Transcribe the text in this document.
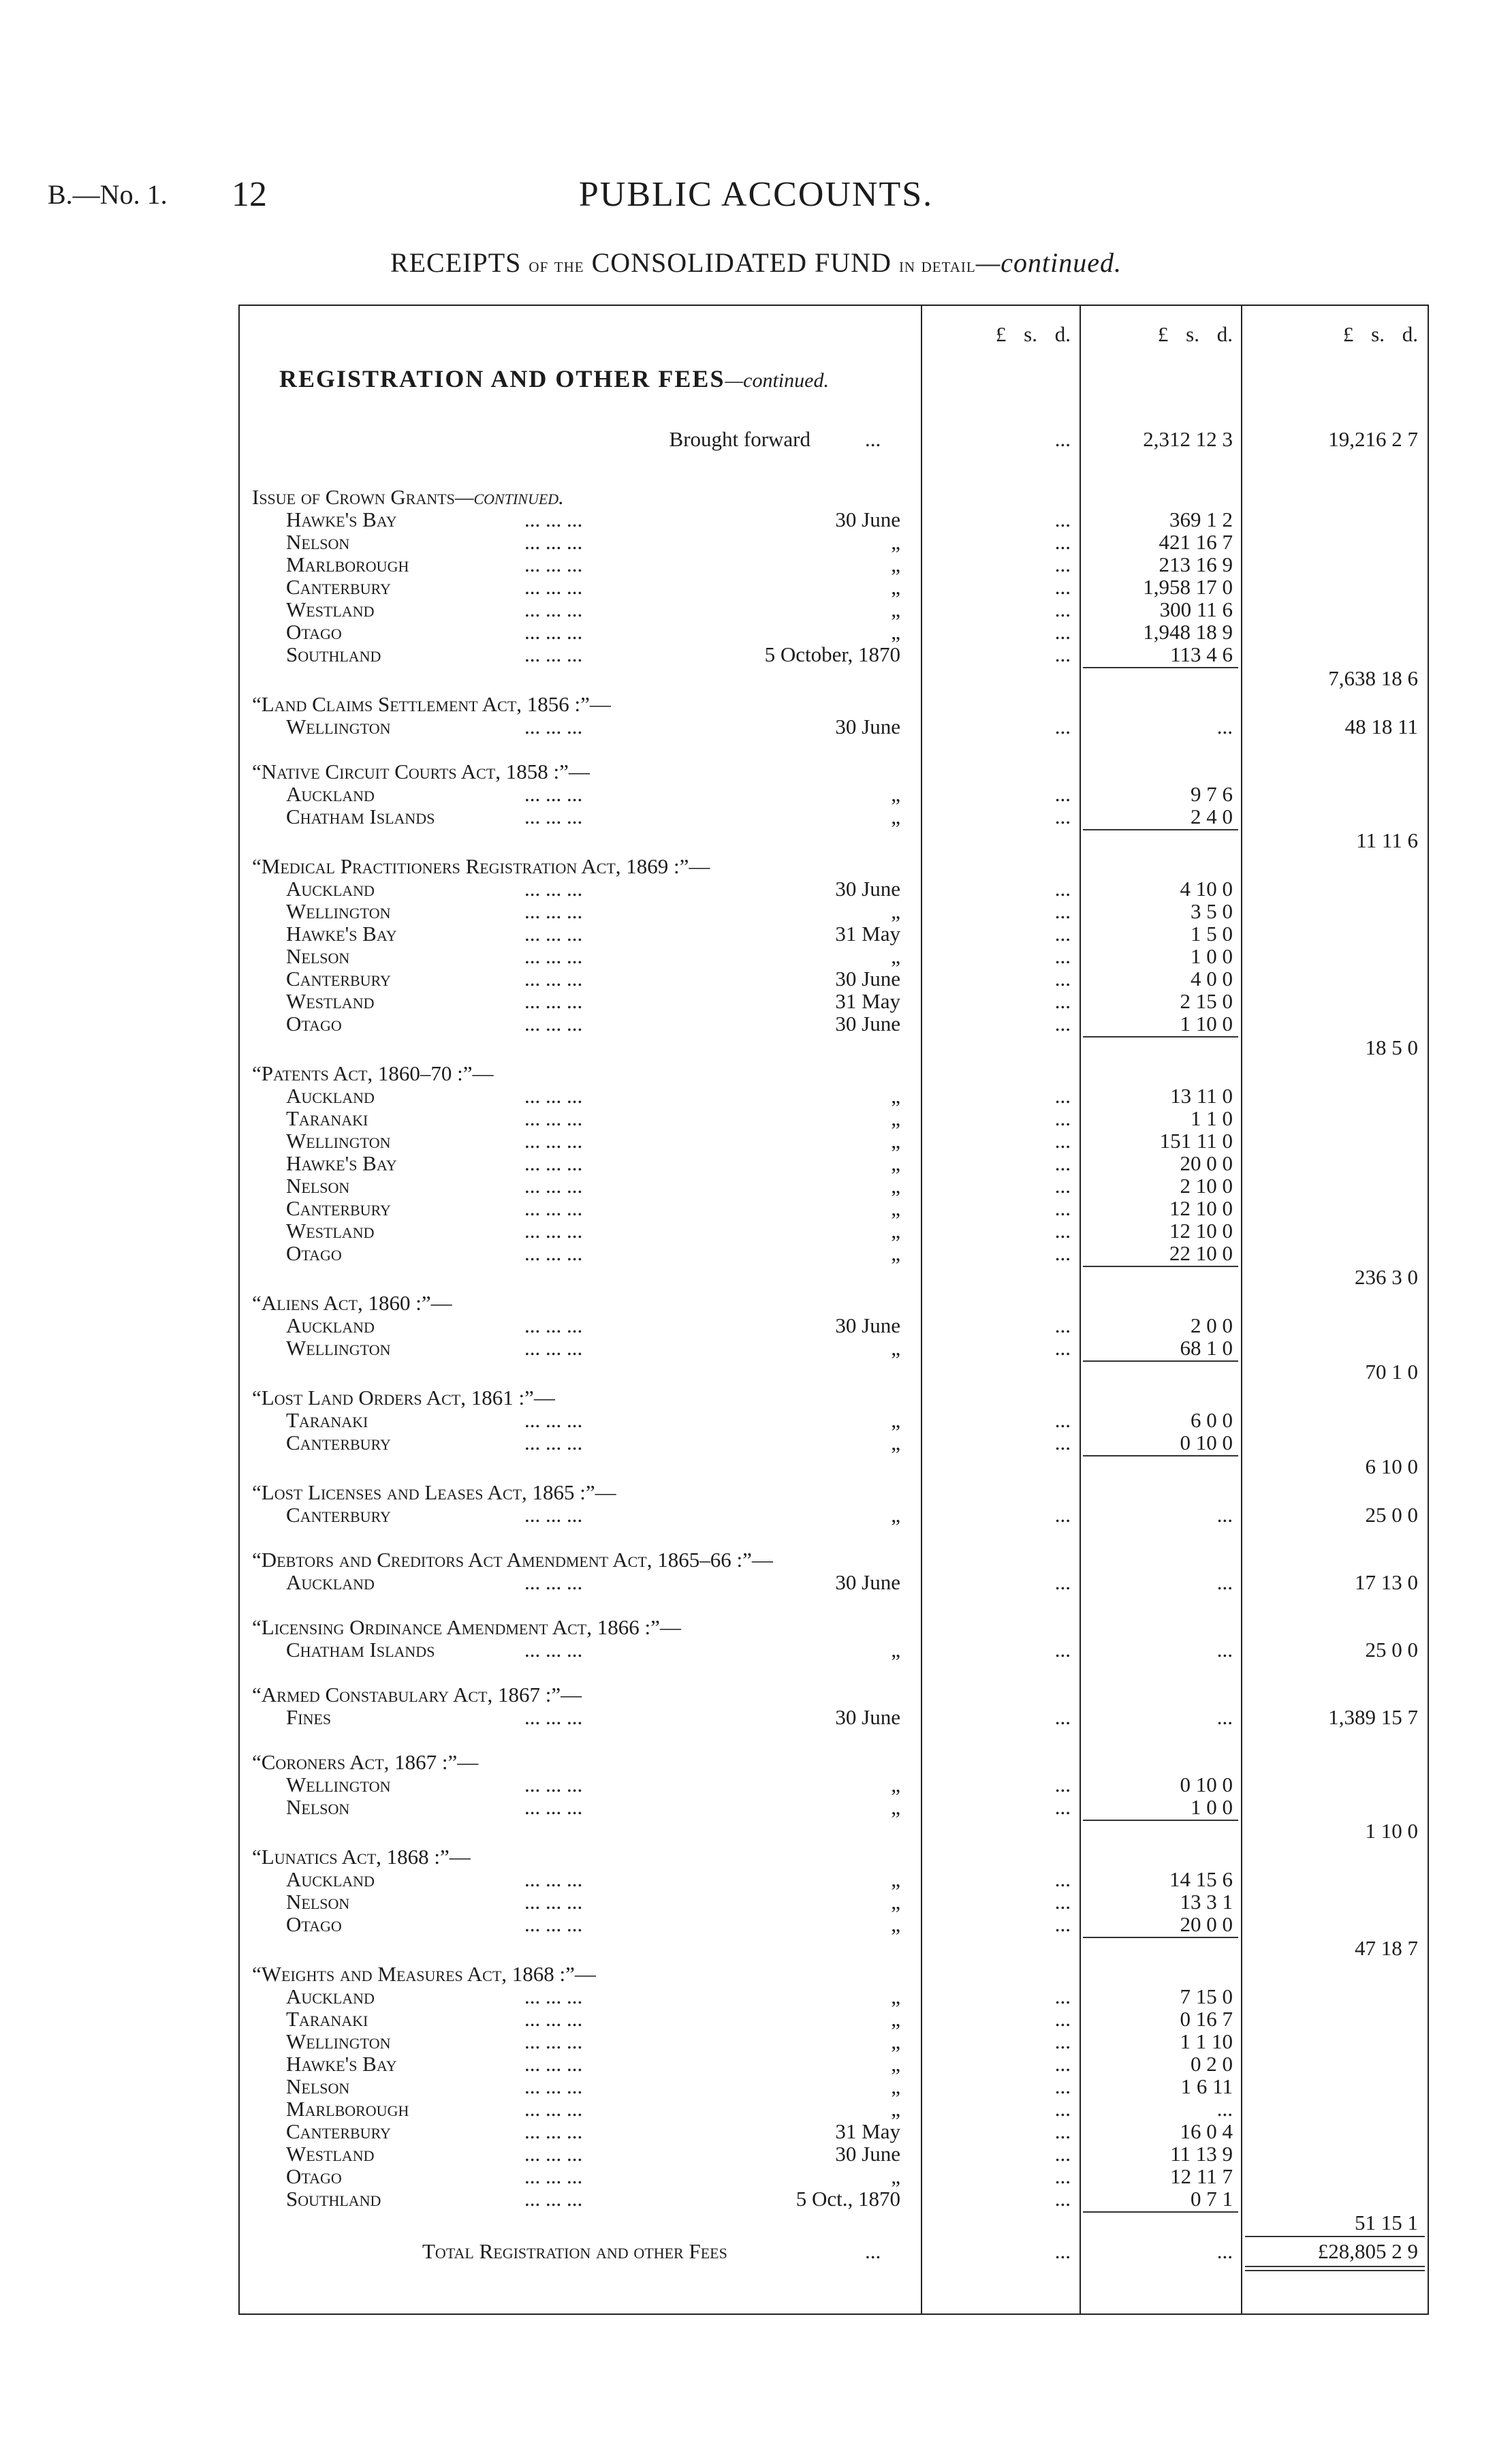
B.—No. 1. 12	PUBLIC ACCOUNTS.
RECEIPTS of the CONSOLIDATED FUND in detail—continued.
£ s. d.	£ s. d.	£ s. d.
REGISTRATION AND OTHER FEES—continued.
Brought forward	...	...	2,312 12 3	19,216 2 7
Issue of Crown Grants—continued.
Hawke's Bay	... ... ...	30 June	...	369 1 2
Nelson	... ... ...	„	...	421 16 7
Marlborough	... ... ...	„	...	213 16 9
Canterbury	... ... ...	„	...	1,958 17 0
Westland	... ... ...	„	...	300 11 6
Otago	... ... ...	„	...	1,948 18 9
Southland	... ... ...	5 October, 1870	...	113 4 6
7,638 18 6
“Land Claims Settlement Act, 1856 :”—
Wellington	... ... ...	30 June	...	...	48 18 11
“Native Circuit Courts Act, 1858 :”—
Auckland	... ... ...	„	...	9 7 6
Chatham Islands	... ... ...	„	...	2 4 0
11 11 6
“Medical Practitioners Registration Act, 1869 :”—
Auckland	... ... ...	30 June	...	4 10 0
Wellington	... ... ...	„	...	3 5 0
Hawke's Bay	... ... ...	31 May	...	1 5 0
Nelson	... ... ...	„	...	1 0 0
Canterbury	... ... ...	30 June	...	4 0 0
Westland	... ... ...	31 May	...	2 15 0
Otago	... ... ...	30 June	...	1 10 0
18 5 0
“Patents Act, 1860–70 :”—
Auckland	... ... ...	„	...	13 11 0
Taranaki	... ... ...	„	...	1 1 0
Wellington	... ... ...	„	...	151 11 0
Hawke's Bay	... ... ...	„	...	20 0 0
Nelson	... ... ...	„	...	2 10 0
Canterbury	... ... ...	„	...	12 10 0
Westland	... ... ...	„	...	12 10 0
Otago	... ... ...	„	...	22 10 0
236 3 0
“Aliens Act, 1860 :”—
Auckland	... ... ...	30 June	...	2 0 0
Wellington	... ... ...	„	...	68 1 0
70 1 0
“Lost Land Orders Act, 1861 :”—
Taranaki	... ... ...	„	...	6 0 0
Canterbury	... ... ...	„	...	0 10 0
6 10 0
“Lost Licenses and Leases Act, 1865 :”—
Canterbury	... ... ...	„	...	...	25 0 0
“Debtors and Creditors Act Amendment Act, 1865–66 :”—
Auckland	... ... ...	30 June	...	...	17 13 0
“Licensing Ordinance Amendment Act, 1866 :”—
Chatham Islands	... ... ...	„	...	...	25 0 0
“Armed Constabulary Act, 1867 :”—
Fines	... ... ...	30 June	...	...	1,389 15 7
“Coroners Act, 1867 :”—
Wellington	... ... ...	„	...	0 10 0
Nelson	... ... ...	„	...	1 0 0
1 10 0
“Lunatics Act, 1868 :”—
Auckland	... ... ...	„	...	14 15 6
Nelson	... ... ...	„	...	13 3 1
Otago	... ... ...	„	...	20 0 0
47 18 7
“Weights and Measures Act, 1868 :”—
Auckland	... ... ...	„	...	7 15 0
Taranaki	... ... ...	„	...	0 16 7
Wellington	... ... ...	„	...	1 1 10
Hawke's Bay	... ... ...	„	...	0 2 0
Nelson	... ... ...	„	...	1 6 11
Marlborough	... ... ...	„	...	...
Canterbury	... ... ...	31 May	...	16 0 4
Westland	... ... ...	30 June	...	11 13 9
Otago	... ... ...	„	...	12 11 7
Southland	... ... ...	5 Oct., 1870	...	0 7 1
51 15 1
Total Registration and other Fees	...	...	...	£28,805 2 9
